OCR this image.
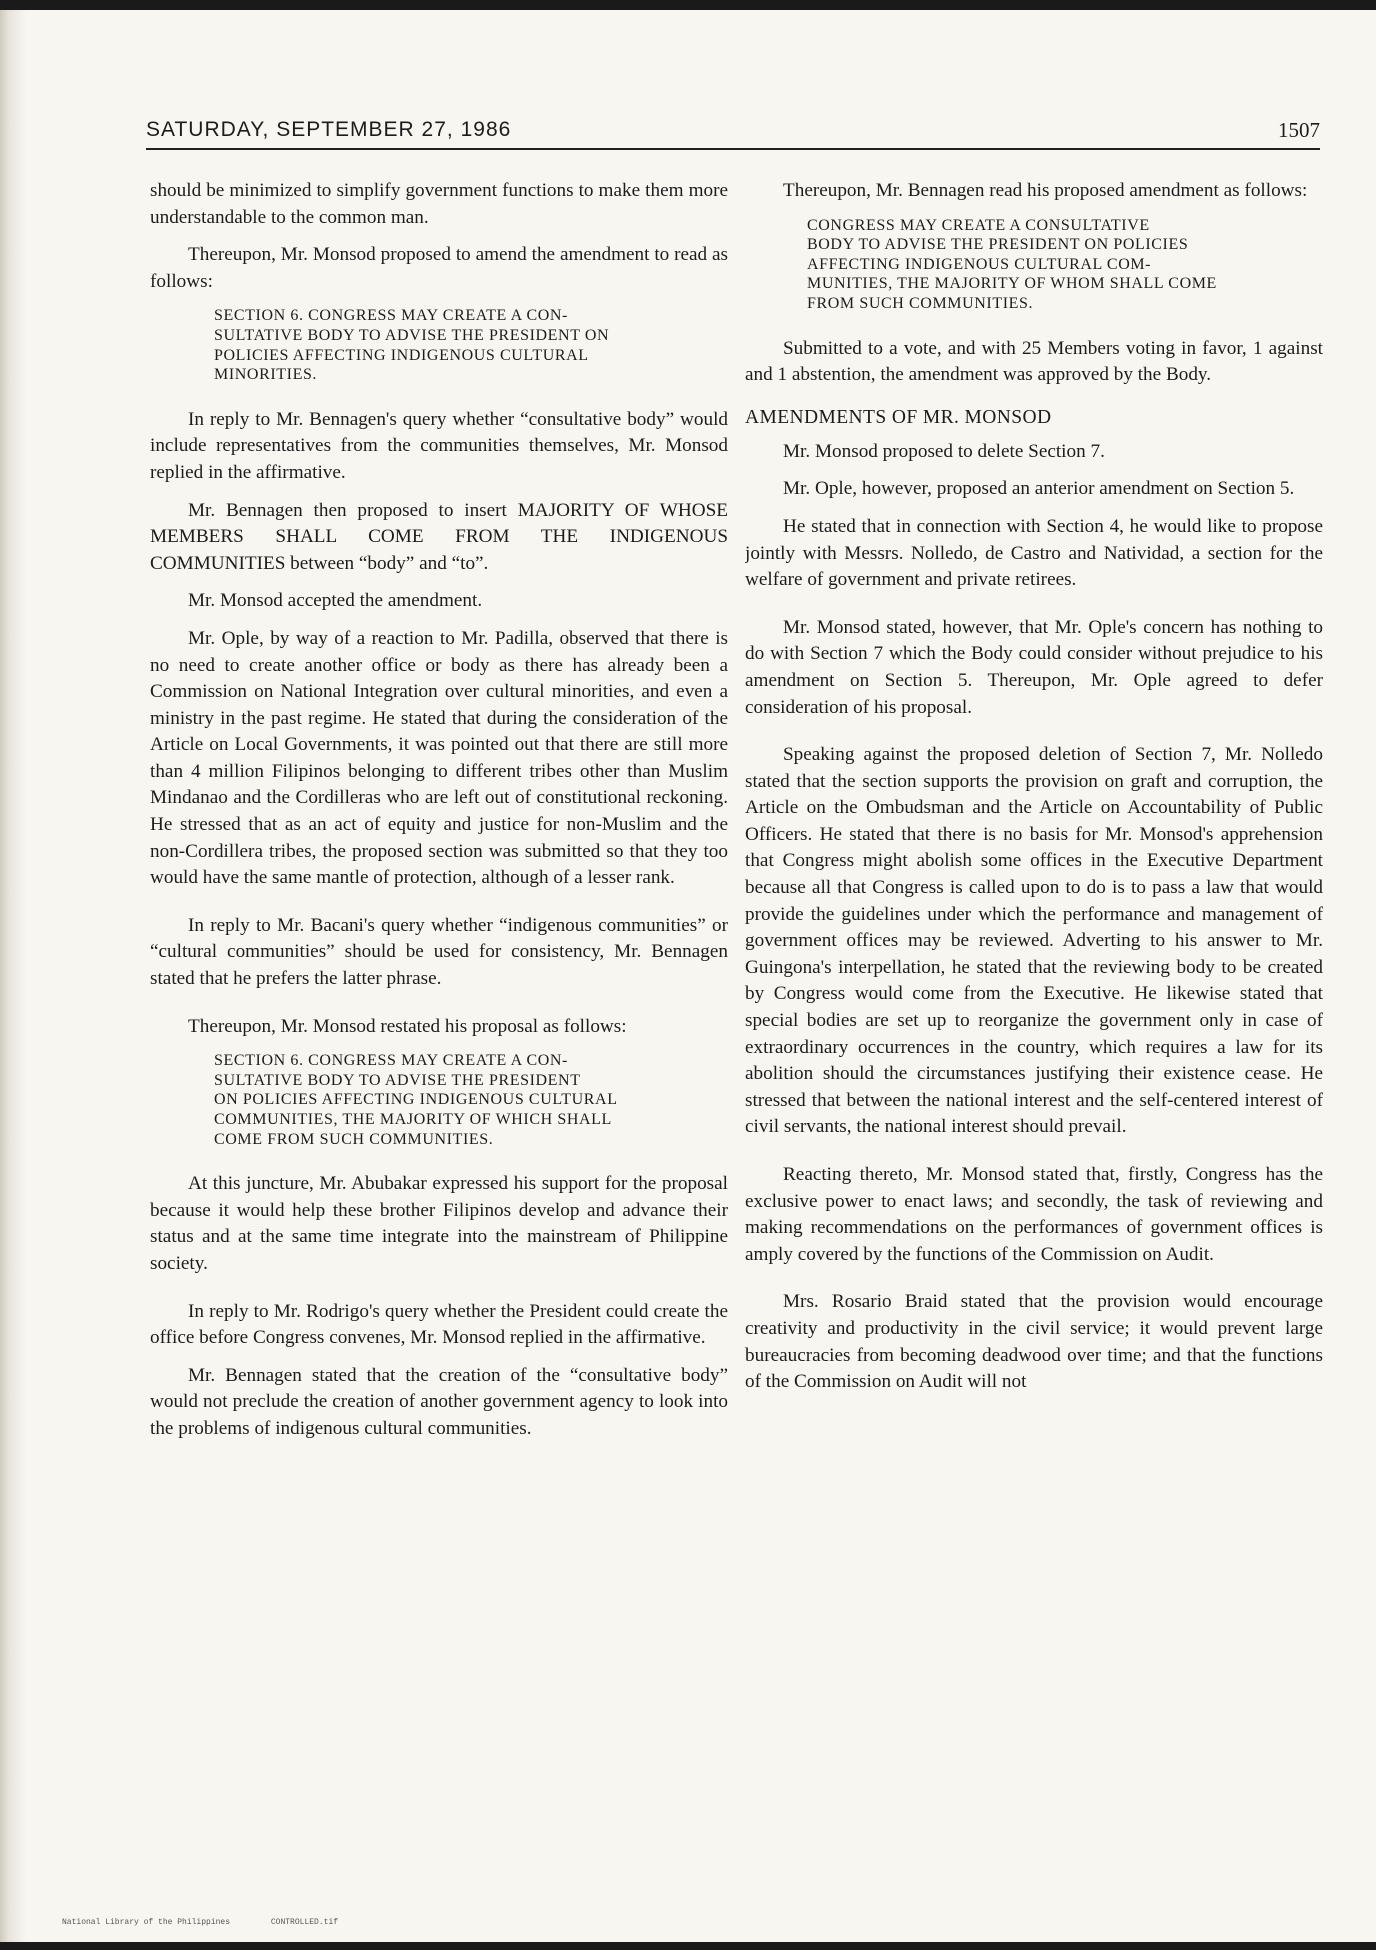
SATURDAY, SEPTEMBER 27, 1986	1507

should be minimized to simplify government functions to make them more understandable to the common man.

Thereupon, Mr. Monsod proposed to amend the amendment to read as follows:

SECTION 6. CONGRESS MAY CREATE A CON-
SULTATIVE BODY TO ADVISE THE PRESIDENT ON
POLICIES AFFECTING INDIGENOUS CULTURAL
MINORITIES.

In reply to Mr. Bennagen's query whether “consultative body” would include representatives from the communities themselves, Mr. Monsod replied in the affirmative.

Mr. Bennagen then proposed to insert MAJORITY OF WHOSE MEMBERS SHALL COME FROM THE INDIGENOUS COMMUNITIES between “body” and “to”.

Mr. Monsod accepted the amendment.

Mr. Ople, by way of a reaction to Mr. Padilla, observed that there is no need to create another office or body as there has already been a Commission on National Integration over cultural minorities, and even a ministry in the past regime. He stated that during the consideration of the Article on Local Governments, it was pointed out that there are still more than 4 million Filipinos belonging to different tribes other than Muslim Mindanao and the Cordilleras who are left out of constitutional reckoning. He stressed that as an act of equity and justice for non-Muslim and the non-Cordillera tribes, the proposed section was submitted so that they too would have the same mantle of protection, although of a lesser rank.

In reply to Mr. Bacani's query whether “indigenous communities” or “cultural communities” should be used for consistency, Mr. Bennagen stated that he prefers the latter phrase.

Thereupon, Mr. Monsod restated his proposal as follows:

SECTION 6. CONGRESS MAY CREATE A CON-
SULTATIVE BODY TO ADVISE THE PRESIDENT
ON POLICIES AFFECTING INDIGENOUS CULTURAL
COMMUNITIES, THE MAJORITY OF WHICH SHALL
COME FROM SUCH COMMUNITIES.

At this juncture, Mr. Abubakar expressed his support for the proposal because it would help these brother Filipinos develop and advance their status and at the same time integrate into the mainstream of Philippine society.

In reply to Mr. Rodrigo's query whether the President could create the office before Congress convenes, Mr. Monsod replied in the affirmative.

Mr. Bennagen stated that the creation of the “consultative body” would not preclude the creation of another government agency to look into the problems of indigenous cultural communities.

Thereupon, Mr. Bennagen read his proposed amendment as follows:

CONGRESS MAY CREATE A CONSULTATIVE
BODY TO ADVISE THE PRESIDENT ON POLICIES
AFFECTING INDIGENOUS CULTURAL COM-
MUNITIES, THE MAJORITY OF WHOM SHALL COME
FROM SUCH COMMUNITIES.

Submitted to a vote, and with 25 Members voting in favor, 1 against and 1 abstention, the amendment was approved by the Body.

AMENDMENTS OF MR. MONSOD

Mr. Monsod proposed to delete Section 7.

Mr. Ople, however, proposed an anterior amendment on Section 5.

He stated that in connection with Section 4, he would like to propose jointly with Messrs. Nolledo, de Castro and Natividad, a section for the welfare of government and private retirees.

Mr. Monsod stated, however, that Mr. Ople's concern has nothing to do with Section 7 which the Body could consider without prejudice to his amendment on Section 5. Thereupon, Mr. Ople agreed to defer consideration of his proposal.

Speaking against the proposed deletion of Section 7, Mr. Nolledo stated that the section supports the provision on graft and corruption, the Article on the Ombudsman and the Article on Accountability of Public Officers. He stated that there is no basis for Mr. Monsod's apprehension that Congress might abolish some offices in the Executive Department because all that Congress is called upon to do is to pass a law that would provide the guidelines under which the performance and management of government offices may be reviewed. Adverting to his answer to Mr. Guingona's interpellation, he stated that the reviewing body to be created by Congress would come from the Executive. He likewise stated that special bodies are set up to reorganize the government only in case of extraordinary occurrences in the country, which requires a law for its abolition should the circumstances justifying their existence cease. He stressed that between the national interest and the self-centered interest of civil servants, the national interest should prevail.

Reacting thereto, Mr. Monsod stated that, firstly, Congress has the exclusive power to enact laws; and secondly, the task of reviewing and making recommendations on the performances of government offices is amply covered by the functions of the Commission on Audit.

Mrs. Rosario Braid stated that the provision would encourage creativity and productivity in the civil service; it would prevent large bureaucracies from becoming deadwood over time; and that the functions of the Commission on Audit will not

National Library of the Philippines	CONTROLLED.tif
